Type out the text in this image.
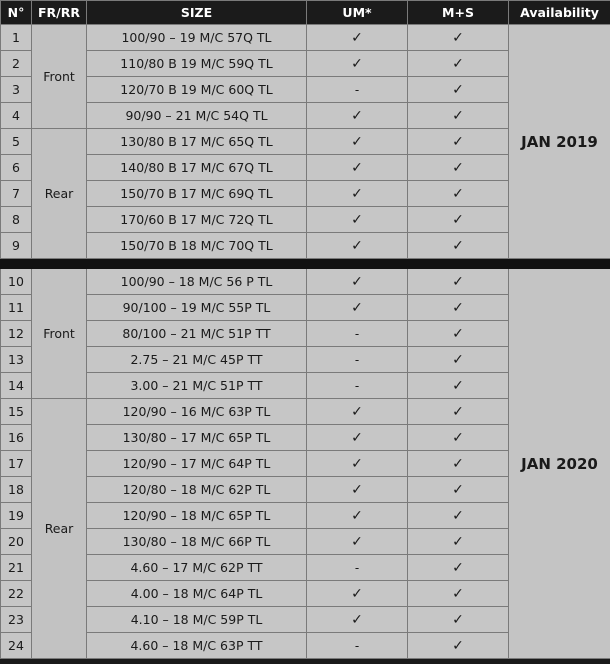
N°	FR/RR	SIZE	UM*	M+S	Availability
1	Front	100/90 – 19 M/C 57Q TL	✓	✓	JAN 2019
2		110/80 B 19 M/C 59Q TL	✓	✓	
3		120/70 B 19 M/C 60Q TL	-	✓	
4		90/90 – 21 M/C 54Q TL	✓	✓	
5	Rear	130/80 B 17 M/C 65Q TL	✓	✓	
6		140/80 B 17 M/C 67Q TL	✓	✓	
7		150/70 B 17 M/C 69Q TL	✓	✓	
8		170/60 B 17 M/C 72Q TL	✓	✓	
9		150/70 B 18 M/C 70Q TL	✓	✓	

10	Front	100/90 – 18 M/C 56 P TL	✓	✓	JAN 2020
11		90/100 – 19 M/C 55P TL	✓	✓	
12		80/100 – 21 M/C 51P TT	-	✓	
13		2.75 – 21 M/C 45P TT	-	✓	
14		3.00 – 21 M/C 51P TT	-	✓	
15	Rear	120/90 – 16 M/C 63P TL	✓	✓	
16		130/80 – 17 M/C 65P TL	✓	✓	
17		120/90 – 17 M/C 64P TL	✓	✓	
18		120/80 – 18 M/C 62P TL	✓	✓	
19		120/90 – 18 M/C 65P TL	✓	✓	
20		130/80 – 18 M/C 66P TL	✓	✓	
21		4.60 – 17 M/C 62P TT	-	✓	
22		4.00 – 18 M/C 64P TL	✓	✓	
23		4.10 – 18 M/C 59P TL	✓	✓	
24		4.60 – 18 M/C 63P TT	-	✓	
